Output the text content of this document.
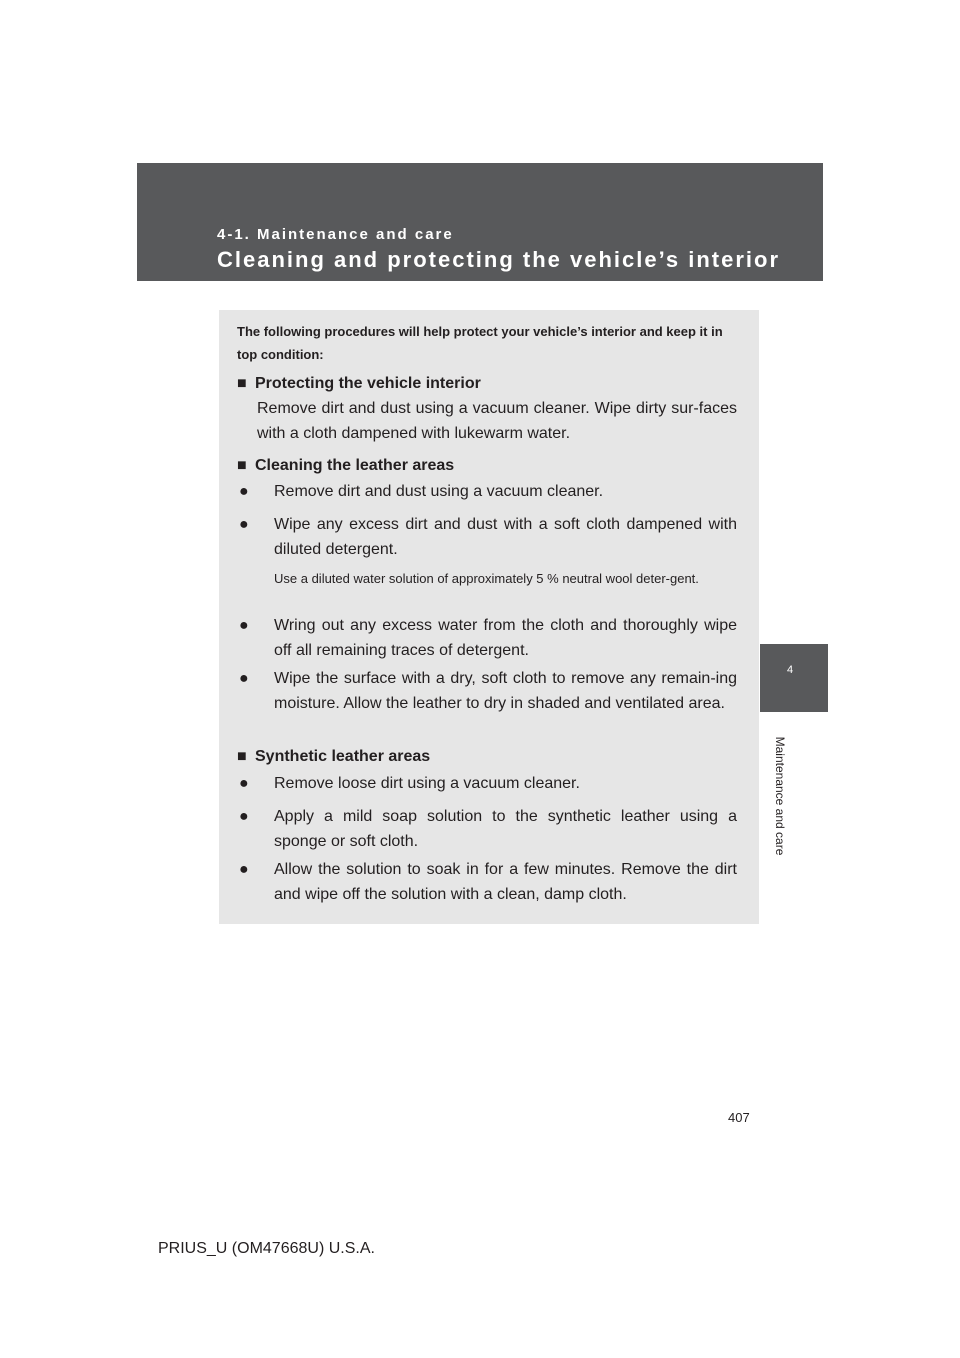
4-1. Maintenance and care
Cleaning and protecting the vehicle’s interior
4
Maintenance and care
The following procedures will help protect your vehicle’s interior and keep it in top condition:
■ Protecting the vehicle interior
Remove dirt and dust using a vacuum cleaner. Wipe dirty sur-faces with a cloth dampened with lukewarm water.
■ Cleaning the leather areas
●	Remove dirt and dust using a vacuum cleaner.
●	Wipe any excess dirt and dust with a soft cloth dampened with diluted detergent.
Use a diluted water solution of approximately 5 % neutral wool deter-gent.
●	Wring out any excess water from the cloth and thoroughly wipe off all remaining traces of detergent.
●	Wipe the surface with a dry, soft cloth to remove any remain-ing moisture. Allow the leather to dry in shaded and ventilated area.
■ Synthetic leather areas
●	Remove loose dirt using a vacuum cleaner.
●	Apply a mild soap solution to the synthetic leather using a sponge or soft cloth.
●	Allow the solution to soak in for a few minutes. Remove the dirt and wipe off the solution with a clean, damp cloth.
407
PRIUS_U (OM47668U) U.S.A.
